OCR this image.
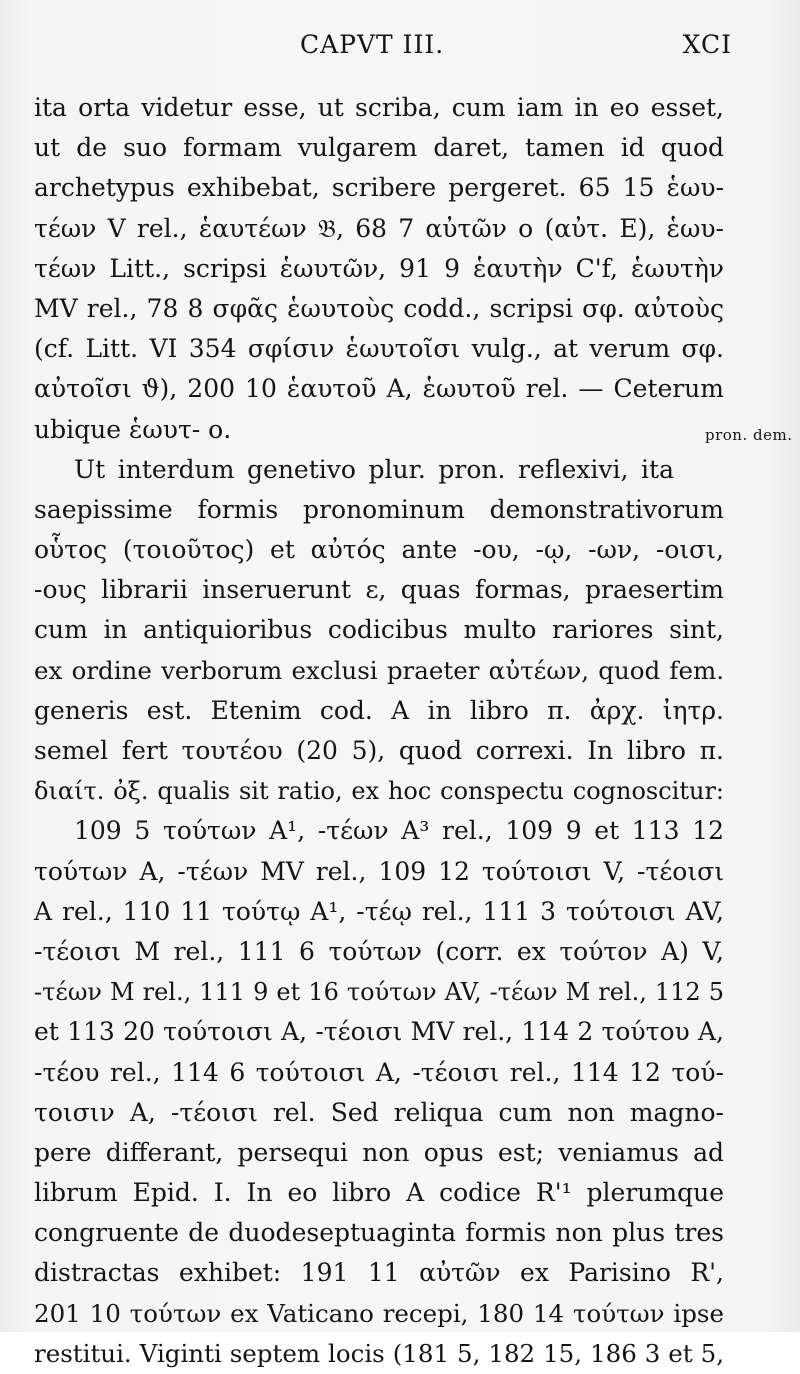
CAPVT III.	XCI
ita orta videtur esse, ut scriba, cum iam in eo esset,
ut de suo formam vulgarem daret, tamen id quod
archetypus exhibebat, scribere pergeret. 65 15 ἑωυ-
τέων V rel., ἑαυτέων 𝔅, 68 7 αὐτῶν ο (αὐτ. E), ἑωυ-
τέων Litt., scripsi ἑωυτῶν, 91 9 ἑαυτὴν C'f, ἑωυτὴν
MV rel., 78 8 σφᾶς ἑωυτοὺς codd., scripsi σφ. αὐτοὺς
(cf. Litt. VI 354 σφίσιν ἑωυτοῖσι vulg., at verum σφ.
αὐτοῖσι ϑ), 200 10 ἑαυτοῦ A, ἑωυτοῦ rel. — Ceterum
ubique ἑωυτ- ο.
Ut interdum genetivo plur. pron. reflexivi, ita
saepissime formis pronominum demonstrativorum
οὗτος (τοιοῦτος) et αὐτός ante -ου, -ῳ, -ων, -οισι,
-ους librarii inseruerunt ε, quas formas, praesertim
cum in antiquioribus codicibus multo rariores sint,
ex ordine verborum exclusi praeter αὐτέων, quod fem.
generis est. Etenim cod. A in libro π. ἀρχ. ἰητρ.
semel fert τουτέου (20 5), quod correxi. In libro π.
διαίτ. ὀξ. qualis sit ratio, ex hoc conspectu cognoscitur:
109 5 τούτων A¹, -τέων A³ rel., 109 9 et 113 12
τούτων A, -τέων MV rel., 109 12 τούτοισι V, -τέοισι
A rel., 110 11 τούτῳ A¹, -τέῳ rel., 111 3 τούτοισι AV,
-τέοισι M rel., 111 6 τούτων (corr. ex τούτον A) V,
-τέων M rel., 111 9 et 16 τούτων AV, -τέων M rel., 112 5
et 113 20 τούτοισι A, -τέοισι MV rel., 114 2 τούτου A,
-τέου rel., 114 6 τούτοισι A, -τέοισι rel., 114 12 τού-
τοισιν A, -τέοισι rel. Sed reliqua cum non magno-
pere differant, persequi non opus est; veniamus ad
librum Epid. I. In eo libro A codice R'¹ plerumque
congruente de duodeseptuaginta formis non plus tres
distractas exhibet: 191 11 αὐτῶν ex Parisino R',
201 10 τούτων ex Vaticano recepi, 180 14 τούτων ipse
restitui. Viginti septem locis (181 5, 182 15, 186 3 et 5,
pron. dem.
